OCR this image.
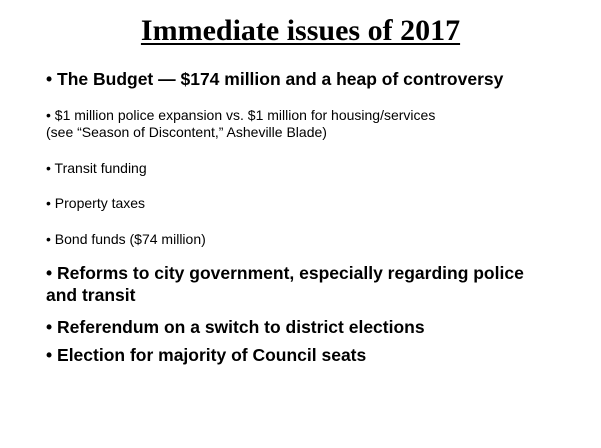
Immediate issues of 2017

• The Budget — $174 million and a heap of controversy

• $1 million police expansion vs. $1 million for housing/services
(see “Season of Discontent,” Asheville Blade)

• Transit funding

• Property taxes

• Bond funds ($74 million)

• Reforms to city government, especially regarding police
and transit

• Referendum on a switch to district elections

• Election for majority of Council seats
